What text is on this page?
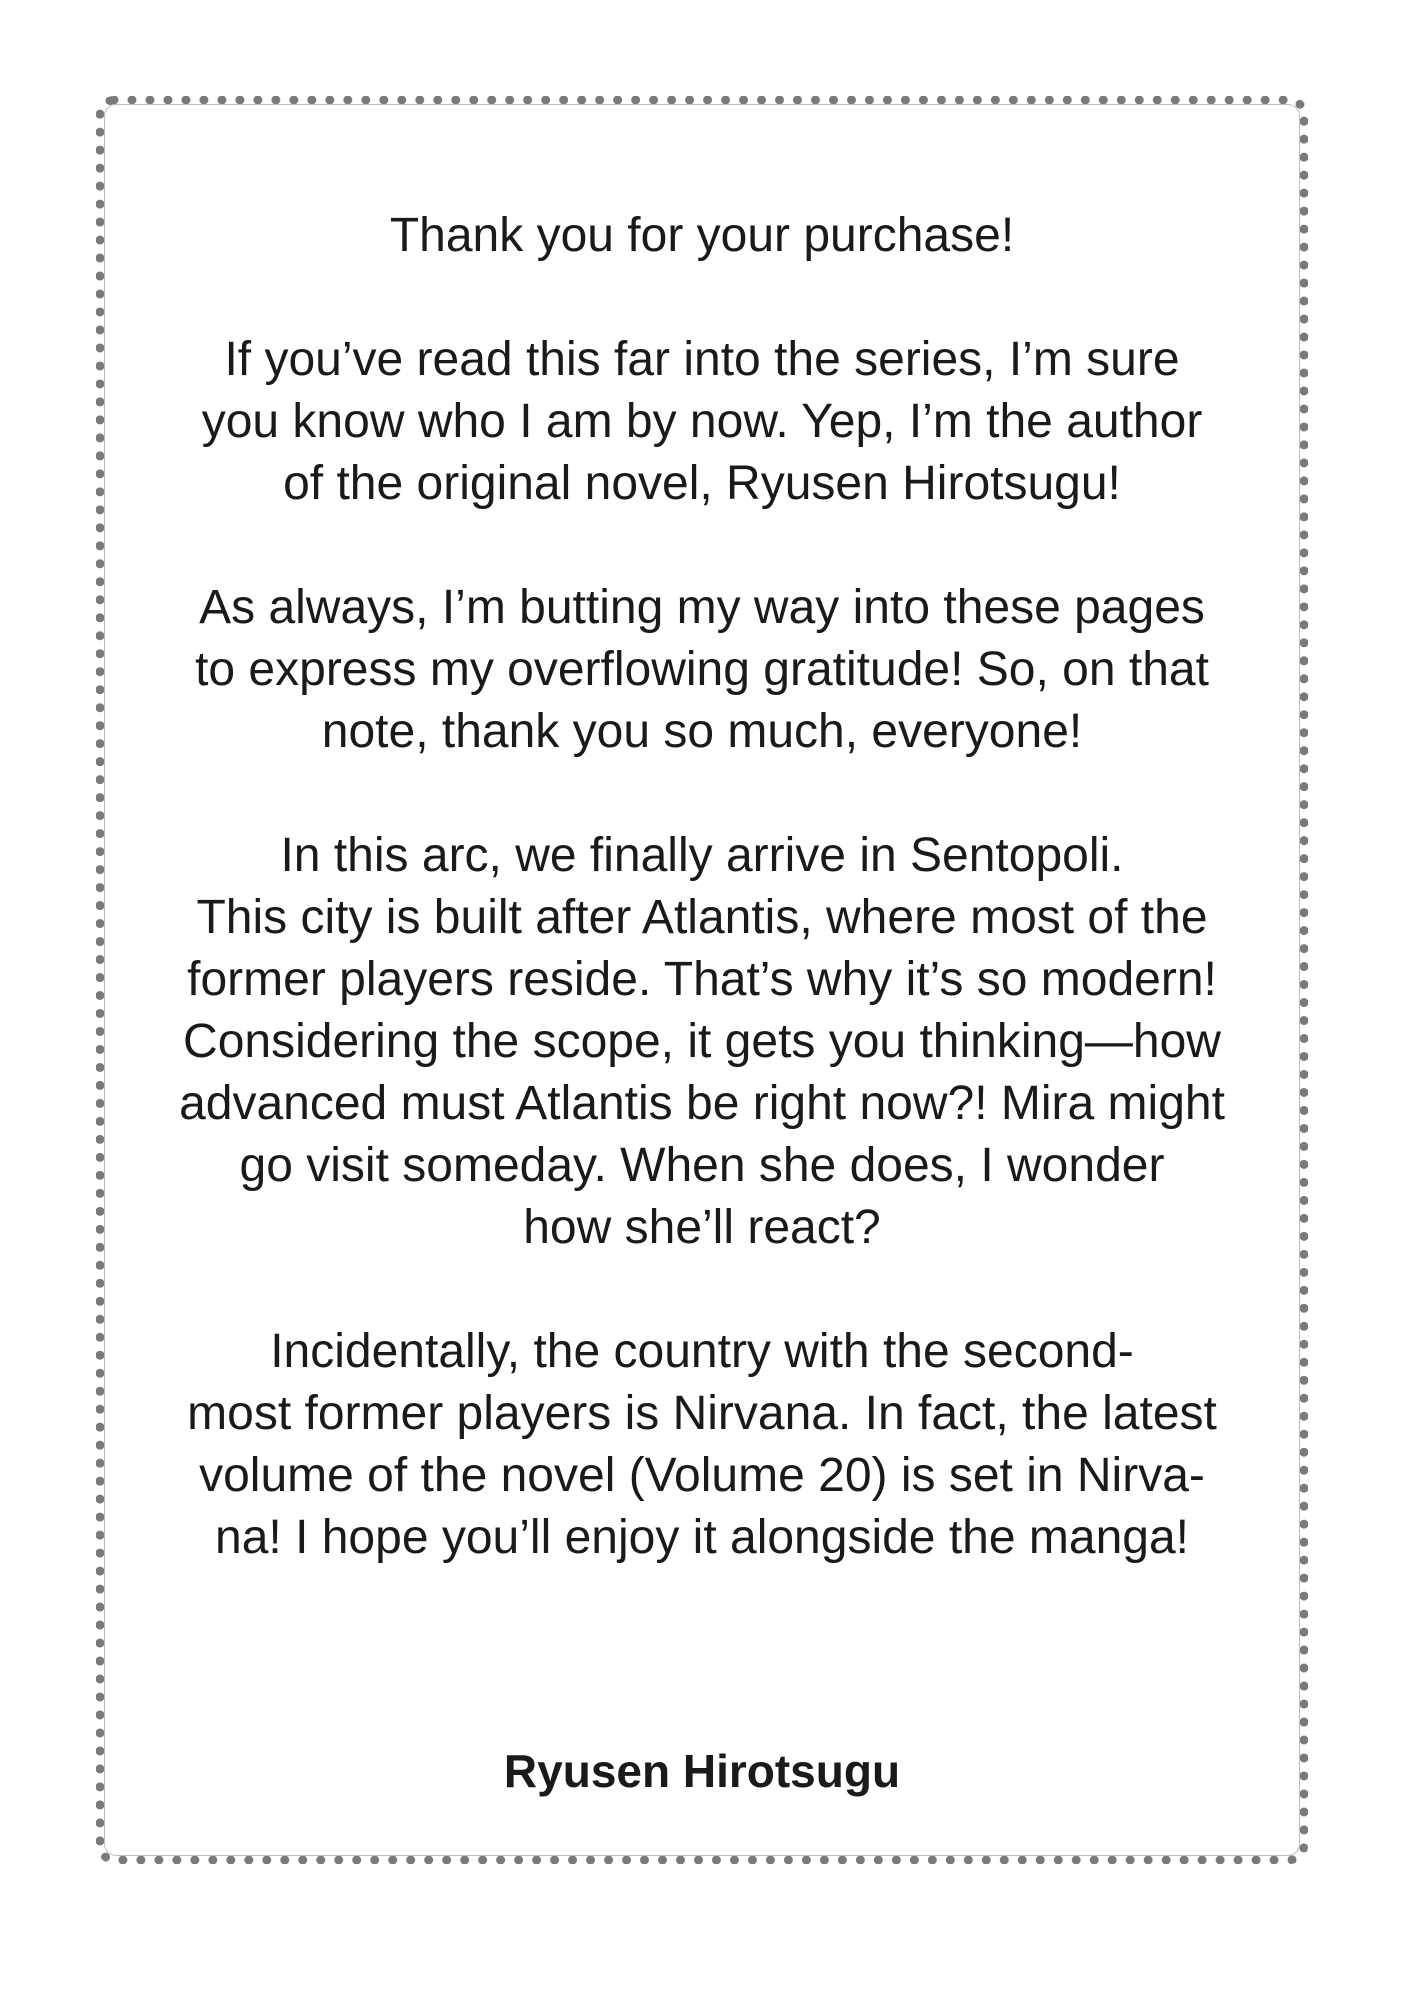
Thank you for your purchase!

If you’ve read this far into the series, I’m sure
you know who I am by now. Yep, I’m the author
of the original novel, Ryusen Hirotsugu!

As always, I’m butting my way into these pages
to express my overflowing gratitude! So, on that
note, thank you so much, everyone!

In this arc, we finally arrive in Sentopoli.
This city is built after Atlantis, where most of the
former players reside. That’s why it’s so modern!
Considering the scope, it gets you thinking—how
advanced must Atlantis be right now?! Mira might
go visit someday. When she does, I wonder
how she’ll react?

Incidentally, the country with the second-
most former players is Nirvana. In fact, the latest
volume of the novel (Volume 20) is set in Nirva-
na! I hope you’ll enjoy it alongside the manga!

Ryusen Hirotsugu
